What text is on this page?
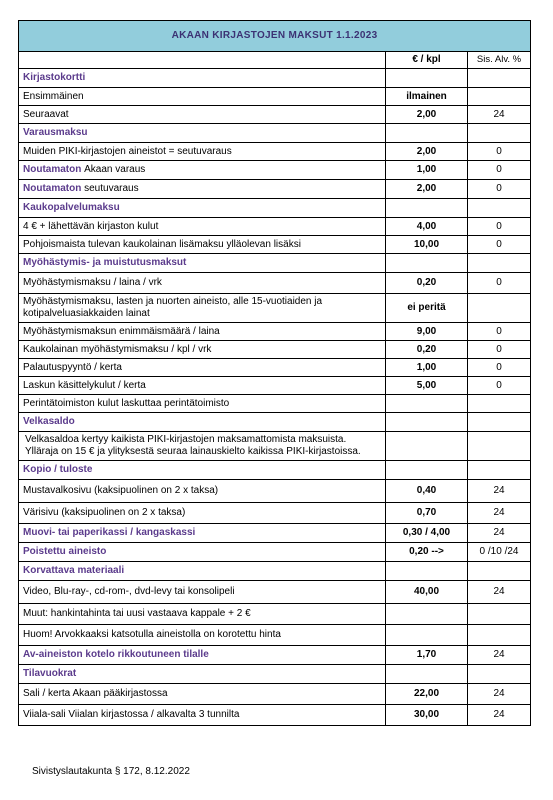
AKAAN KIRJASTOJEN MAKSUT 1.1.2023		
	€ / kpl	Sis. Alv. %
Kirjastokortti		
Ensimmäinen	ilmainen	
Seuraavat	2,00	24
Varausmaksu		
Muiden PIKI-kirjastojen aineistot = seutuvaraus	2,00	0
Noutamaton Akaan varaus	1,00	0
Noutamaton seutuvaraus	2,00	0
Kaukopalvelumaksu		
4 € + lähettävän kirjaston kulut	4,00	0
Pohjoismaista tulevan kaukolainan lisämaksu ylläolevan lisäksi	10,00	0
Myöhästymis- ja muistutusmaksut		
Myöhästymismaksu / laina / vrk	0,20	0
Myöhästymismaksu, lasten ja nuorten aineisto, alle 15-vuotiaiden ja kotipalveluasiakkaiden lainat	ei peritä	
Myöhästymismaksun enimmäismäärä / laina	9,00	0
Kaukolainan myöhästymismaksu / kpl / vrk	0,20	0
Palautuspyyntö / kerta	1,00	0
Laskun käsittelykulut / kerta	5,00	0
Perintätoimiston kulut laskuttaa perintätoimisto		
Velkasaldo		
Velkasaldoa kertyy kaikista PIKI-kirjastojen maksamattomista maksuista. Ylläraja on 15 € ja ylityksestä seuraa lainauskielto kaikissa PIKI-kirjastoissa.		
Kopio / tuloste		
Mustavalkosivu (kaksipuolinen on 2 x taksa)	0,40	24
Värisivu (kaksipuolinen on 2 x taksa)	0,70	24
Muovi- tai paperikassi / kangaskassi	0,30 / 4,00	24
Poistettu aineisto	0,20 -->	0 /10 /24
Korvattava materiaali		
Video, Blu-ray-, cd-rom-, dvd-levy tai konsolipeli	40,00	24
Muut: hankintahinta tai uusi vastaava kappale + 2 €		
Huom! Arvokkaaksi katsotulla aineistolla on korotettu hinta		
Av-aineiston kotelo rikkoutuneen tilalle	1,70	24
Tilavuokrat		
Sali / kerta Akaan pääkirjastossa	22,00	24
Viiala-sali Viialan kirjastossa / alkavalta 3 tunnilta	30,00	24
Sivistyslautakunta § 172, 8.12.2022
